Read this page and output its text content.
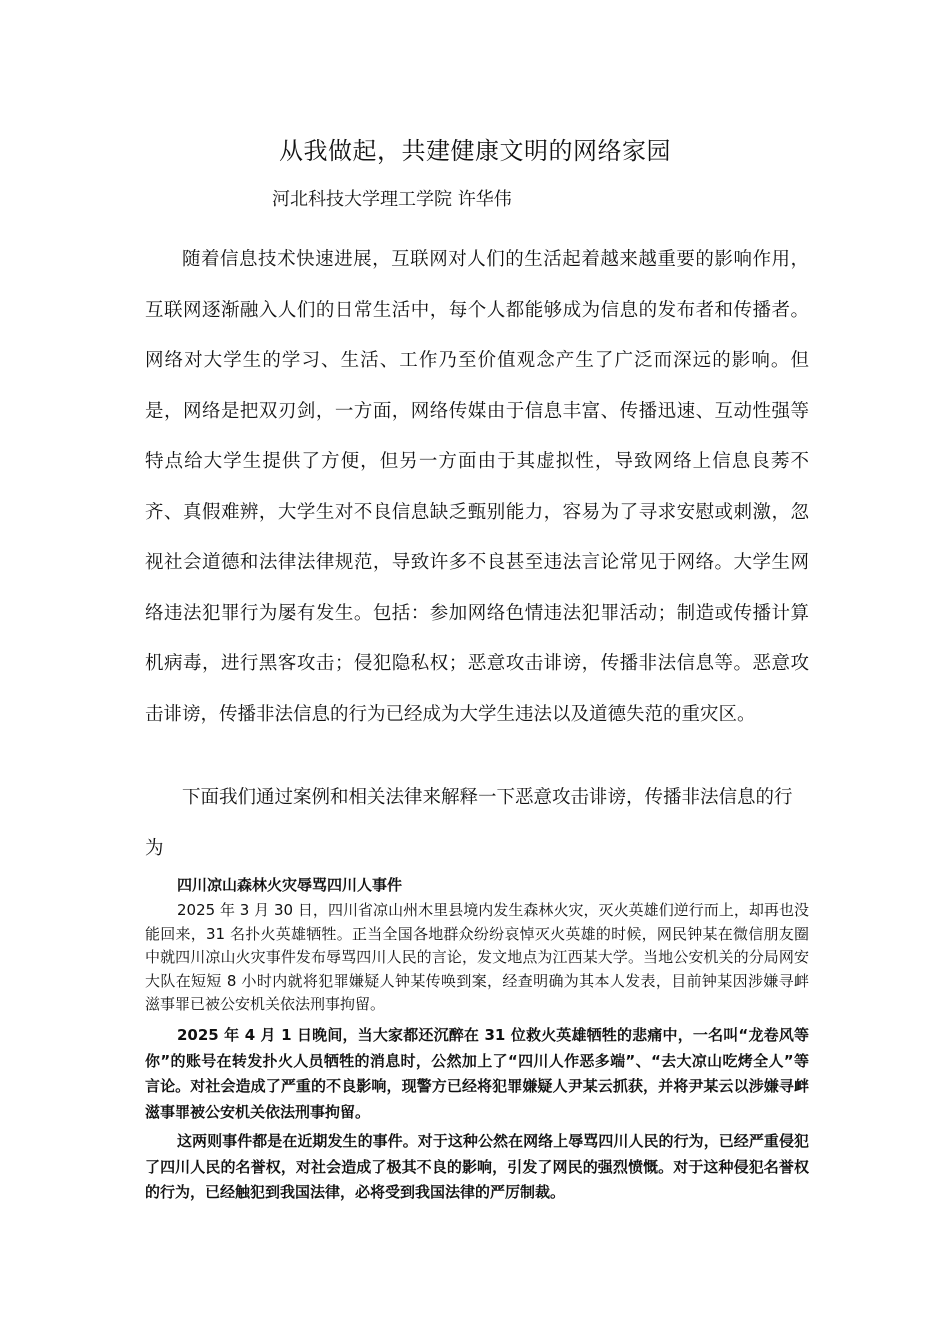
从我做起，共建健康文明的网络家园
河北科技大学理工学院 许华伟

随着信息技术快速进展，互联网对人们的生活起着越来越重要的影响作用，互联网逐渐融入人们的日常生活中，每个人都能够成为信息的发布者和传播者。网络对大学生的学习、生活、工作乃至价值观念产生了广泛而深远的影响。但是，网络是把双刃剑，一方面，网络传媒由于信息丰富、传播迅速、互动性强等特点给大学生提供了方便，但另一方面由于其虚拟性，导致网络上信息良莠不齐、真假难辨，大学生对不良信息缺乏甄别能力，容易为了寻求安慰或刺激，忽视社会道德和法律法律规范，导致许多不良甚至违法言论常见于网络。大学生网络违法犯罪行为屡有发生。包括：参加网络色情违法犯罪活动；制造或传播计算机病毒，进行黑客攻击；侵犯隐私权；恶意攻击诽谤，传播非法信息等。恶意攻击诽谤，传播非法信息的行为已经成为大学生违法以及道德失范的重灾区。

下面我们通过案例和相关法律来解释一下恶意攻击诽谤，传播非法信息的行为

四川凉山森林火灾辱骂四川人事件

2025 年 3 月 30 日，四川省凉山州木里县境内发生森林火灾，灭火英雄们逆行而上，却再也没能回来，31 名扑火英雄牺牲。正当全国各地群众纷纷哀悼灭火英雄的时候，网民钟某在微信朋友圈中就四川凉山火灾事件发布辱骂四川人民的言论，发文地点为江西某大学。当地公安机关的分局网安大队在短短 8 小时内就将犯罪嫌疑人钟某传唤到案，经查明确为其本人发表，目前钟某因涉嫌寻衅滋事罪已被公安机关依法刑事拘留。

2025 年 4 月 1 日晚间，当大家都还沉醉在 31 位救火英雄牺牲的悲痛中，一名叫“龙卷风等你”的账号在转发扑火人员牺牲的消息时，公然加上了“四川人作恶多端”、“去大凉山吃烤全人”等言论。对社会造成了严重的不良影响，现警方已经将犯罪嫌疑人尹某云抓获，并将尹某云以涉嫌寻衅滋事罪被公安机关依法刑事拘留。

这两则事件都是在近期发生的事件。对于这种公然在网络上辱骂四川人民的行为，已经严重侵犯了四川人民的名誉权，对社会造成了极其不良的影响，引发了网民的强烈愤慨。对于这种侵犯名誉权的行为，已经触犯到我国法律，必将受到我国法律的严厉制裁。
